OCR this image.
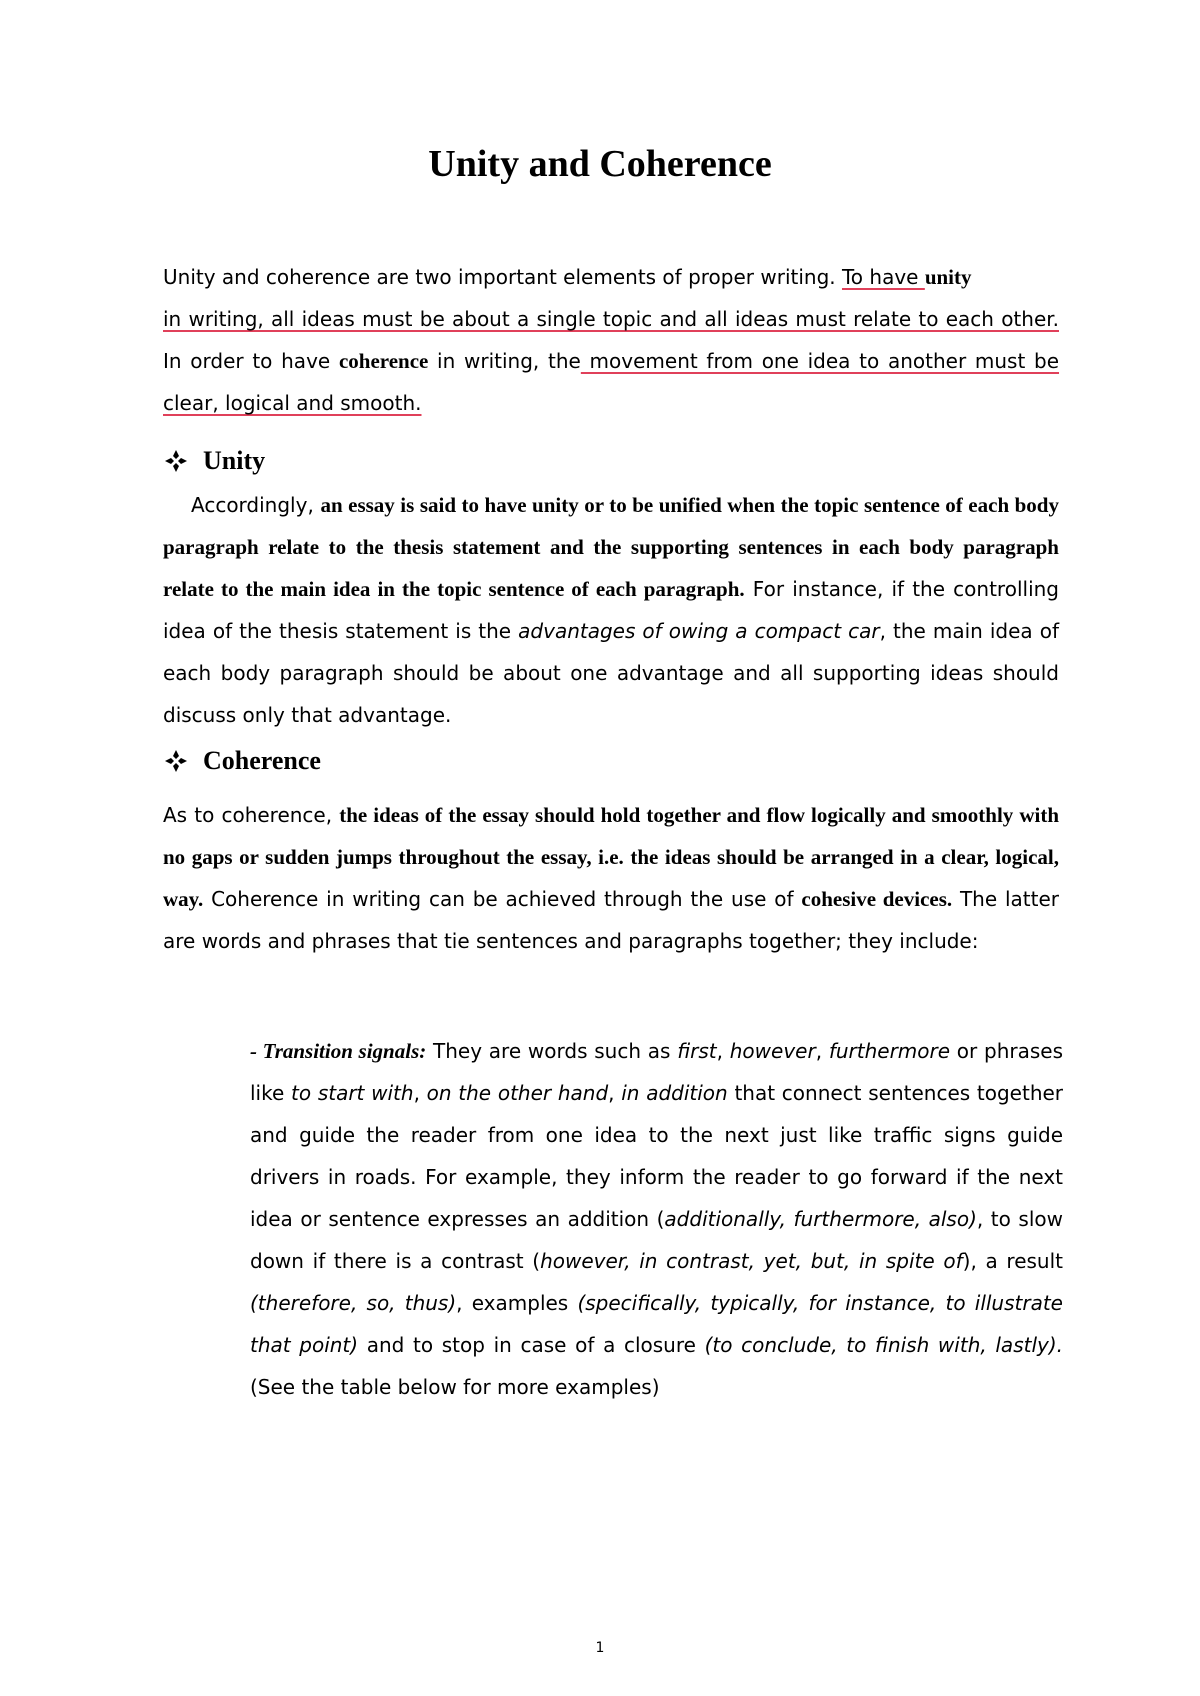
Unity and Coherence

Unity and coherence are two important elements of proper writing. To have unity
in writing, all ideas must be about a single topic and all ideas must relate to each other. In order to have coherence in writing, the movement from one idea to another must be clear, logical and smooth.

Unity

Accordingly, an essay is said to have unity or to be unified when the topic sentence of each body paragraph relate to the thesis statement and the supporting sentences in each body paragraph relate to the main idea in the topic sentence of each paragraph. For instance, if the controlling idea of the thesis statement is the advantages of owing a compact car, the main idea of each body paragraph should be about one advantage and all supporting ideas should discuss only that advantage.

Coherence

As to coherence, the ideas of the essay should hold together and flow logically and smoothly with no gaps or sudden jumps throughout the essay, i.e. the ideas should be arranged in a clear, logical, way. Coherence in writing can be achieved through the use of cohesive devices. The latter are words and phrases that tie sentences and paragraphs together; they include:

- Transition signals: They are words such as first, however, furthermore or phrases like to start with, on the other hand, in addition that connect sentences together and guide the reader from one idea to the next just like traffic signs guide drivers in roads. For example, they inform the reader to go forward if the next idea or sentence expresses an addition (additionally, furthermore, also), to slow down if there is a contrast (however, in contrast, yet, but, in spite of), a result (therefore, so, thus), examples (specifically, typically, for instance, to illustrate that point) and to stop in case of a closure (to conclude, to finish with, lastly). (See the table below for more examples)

1
